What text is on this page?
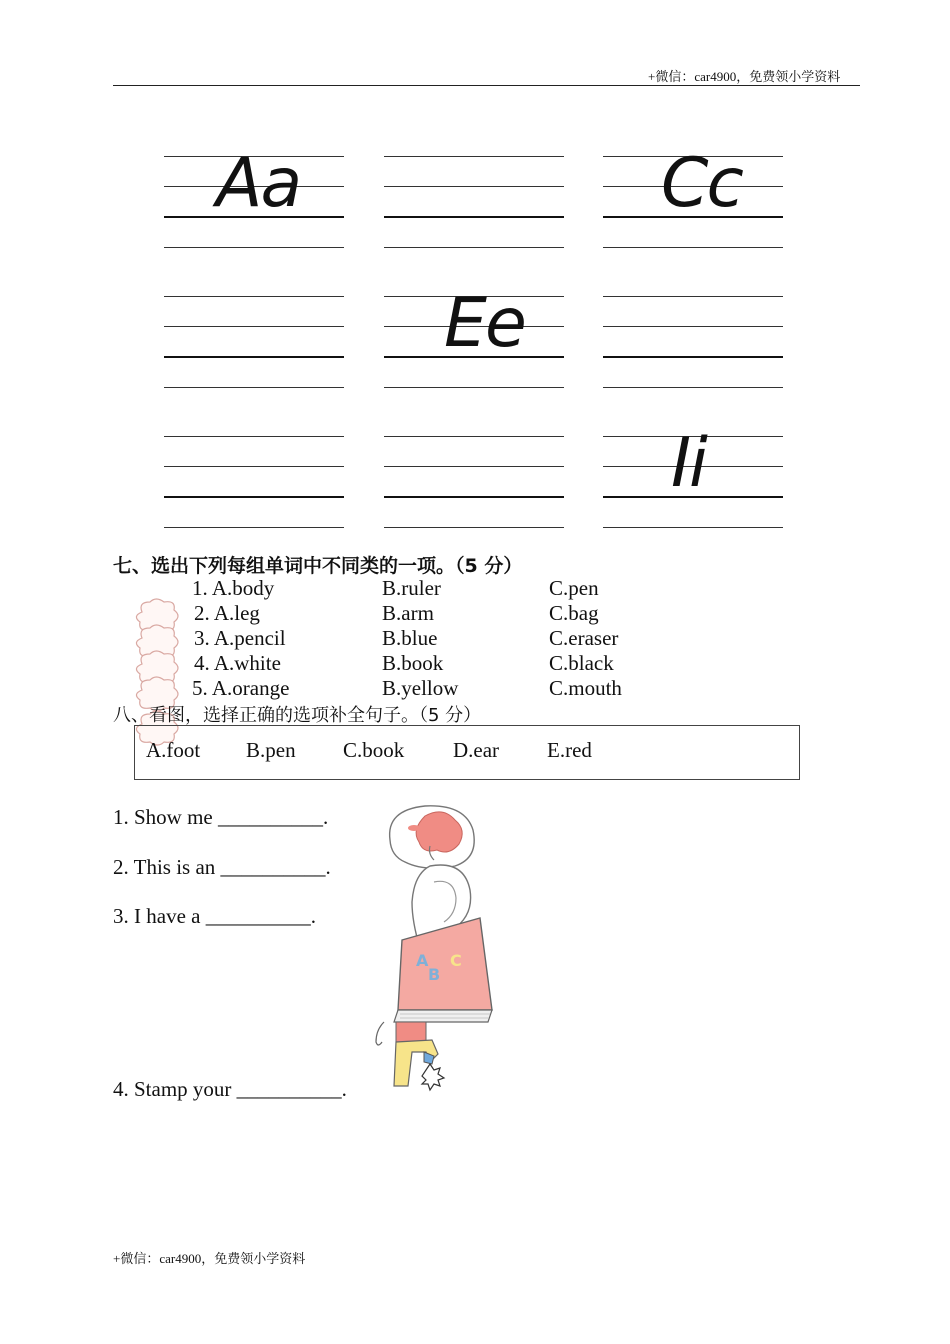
+微信：car4900，免费领小学资料
Aa	Cc
Ee
Ii
七、选出下列每组单词中不同类的一项。（5 分）
1. A.body	B.ruler	C.pen
2. A.leg	B.arm	C.bag
3. A.pencil	B.blue	C.eraser
4. A.white	B.book	C.black
5. A.orange	B.yellow	C.mouth
八、看图，选择正确的选项补全句子。（5 分）
A.foot B.pen C.book D.ear E.red
1. Show me __________.
2. This is an __________.
3. I have a __________.
4. Stamp your __________.
A
B
C
+微信：car4900，免费领小学资料
